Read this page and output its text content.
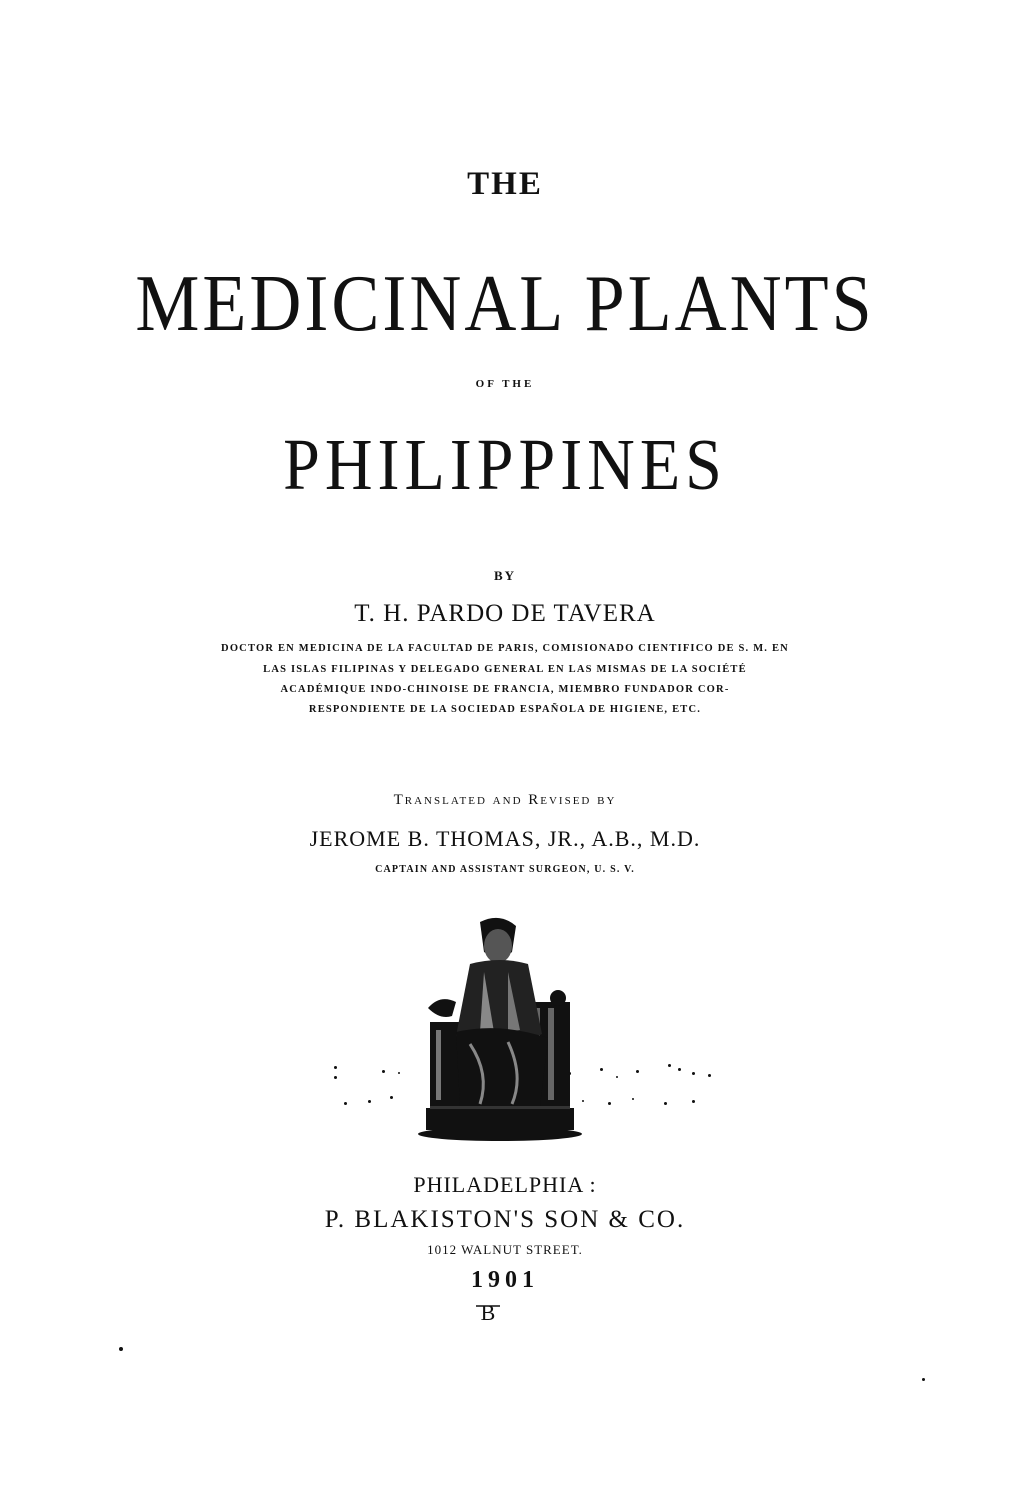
THE
MEDICINAL PLANTS
OF THE
PHILIPPINES
BY
T. H. PARDO DE TAVERA
DOCTOR EN MEDICINA DE LA FACULTAD DE PARIS, COMISIONADO CIENTIFICO DE S. M. EN
LAS ISLAS FILIPINAS Y DELEGADO GENERAL EN LAS MISMAS DE LA SOCIÉTÉ
ACADÉMIQUE INDO-CHINOISE DE FRANCIA, MIEMBRO FUNDADOR COR-
RESPONDIENTE DE LA SOCIEDAD ESPAÑOLA DE HIGIENE, ETC.
Translated and Revised by
JEROME B. THOMAS, JR., A.B., M.D.
CAPTAIN AND ASSISTANT SURGEON, U. S. V.
PHILADELPHIA :
P. BLAKISTON'S SON & CO.
1012 WALNUT STREET.
1901
B
